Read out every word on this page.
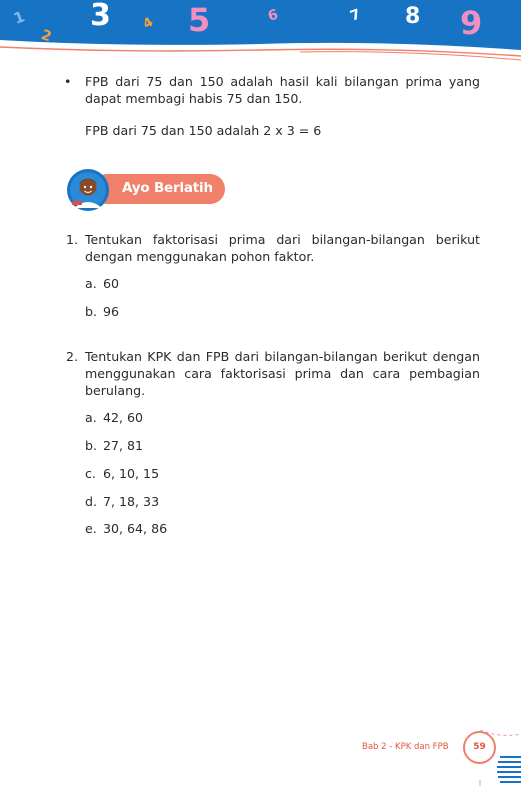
1
2
3 4 5	6	7 8 9
• FPB dari 75 dan 150 adalah hasil kali bilangan prima yang dapat membagi habis 75 dan 150.
FPB dari 75 dan 150 adalah 2 x 3 = 6
Ayo Berlatih
1. Tentukan faktorisasi prima dari bilangan-bilangan berikut dengan menggunakan pohon faktor.
a. 60
b. 96
2. Tentukan KPK dan FPB dari bilangan-bilangan berikut dengan menggunakan cara faktorisasi prima dan cara pembagian berulang.
a. 42, 60
b. 27, 81
c. 6, 10, 15
d. 7, 18, 33
e. 30, 64, 86
Bab 2 - KPK dan FPB	59
